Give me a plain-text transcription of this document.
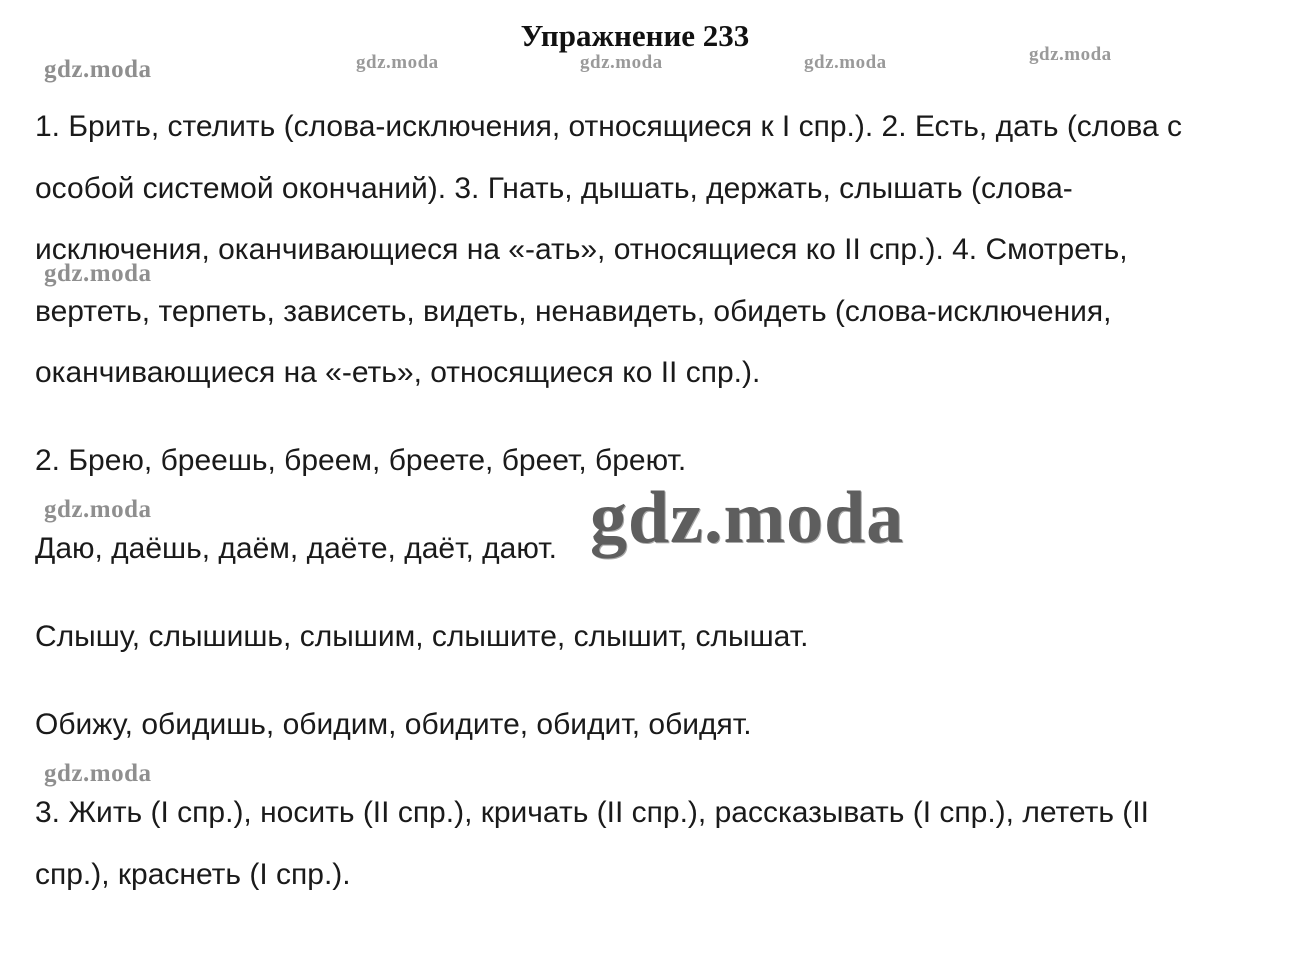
Упражнение 233
gdz.moda	gdz.moda	gdz.moda	gdz.moda	gdz.moda
gdz.moda
gdz.moda
gdz.moda

1. Брить, стелить (слова-исключения, относящиеся к I спр.). 2. Есть, дать (слова с особой системой окончаний). 3. Гнать, дышать, держать, слышать (слова-исключения, оканчивающиеся на «-ать», относящиеся ко II спр.). 4. Смотреть, вертеть, терпеть, зависеть, видеть, ненавидеть, обидеть (слова-исключения, оканчивающиеся на «-еть», относящиеся ко II спр.).

2. Брею, бреешь, бреем, бреете, бреет, бреют.

Даю, даёшь, даём, даёте, даёт, дают.

Слышу, слышишь, слышим, слышите, слышит, слышат.

Обижу, обидишь, обидим, обидите, обидит, обидят.

3. Жить (I спр.), носить (II спр.), кричать (II спр.), рассказывать (I спр.), лететь (II спр.), краснеть (I спр.).

gdz.moda
